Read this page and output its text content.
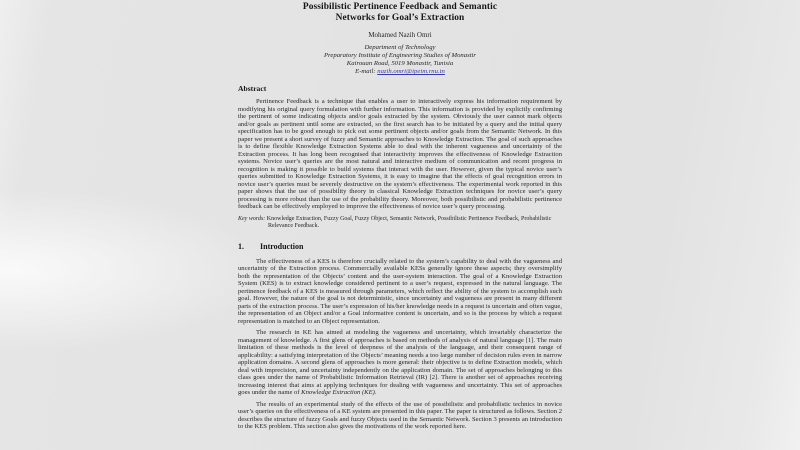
Possibilistic Pertinence Feedback and Semantic
Networks for Goal’s Extraction
Mohamed Nazih Omri
Department of Technology
Preparatory Institute of Engineering Studies of Monastir
Kairouan Road, 5019 Monastir, Tunisia
E-mail: nazih.omri@ipeim.rnu.tn
Abstract

Pertinence Feedback is a technique that enables a user to interactively express his information requirement by modifying his original query formulation with further information. This information is provided by explicitly confirming the pertinent of some indicating objects and/or goals extracted by the system. Obviously the user cannot mark objects and/or goals as pertinent until some are extracted, so the first search has to be initiated by a query and the initial query specification has to be good enough to pick out some pertinent objects and/or goals from the Semantic Network. In this paper we present a short survey of fuzzy and Semantic approaches to Knowledge Extraction. The goal of such approaches is to define flexible Knowledge Extraction Systems able to deal with the inherent vagueness and uncertainty of the Extraction process. It has long been recognised that interactivity improves the effectiveness of Knowledge Extraction systems. Novice user’s queries are the most natural and interactive medium of communication and recent progress in recognition is making it possible to build systems that interact with the user. However, given the typical novice user’s queries submitted to Knowledge Extraction Systems, it is easy to imagine that the effects of goal recognition errors in novice user’s queries must be severely destructive on the system’s effectiveness. The experimental work reported in this paper shows that the use of possibility theory in classical Knowledge Extraction techniques for novice user’s query processing is more robust than the use of the probability theory. Moreover, both possibilistic and probabilistic pertinence feedback can be effectively employed to improve the effectiveness of novice user’s query processing.

Key words: Knowledge Extraction, Fuzzy Goal, Fuzzy Object, Semantic Network, Possibilistic Pertinence Feedback, Probabilistic Relevance Feedback.

1. Introduction

The effectiveness of a KES is therefore crucially related to the system’s capability to deal with the vagueness and uncertainty of the Extraction process. Commercially available KESs generally ignore these aspects; they oversimplify both the representation of the Objects’ content and the user-system interaction. The goal of a Knowledge Extraction System (KES) is to extract knowledge considered pertinent to a user’s request, expressed in the natural language. The pertinence feedback of a KES is measured through parameters, which reflect the ability of the system to accomplish such goal. However, the nature of the goal is not deterministic, since uncertainty and vagueness are present in many different parts of the extraction process. The user’s expression of his/her knowledge needs in a request is uncertain and often vague, the representation of an Object and/or a Goal informative content is uncertain, and so is the process by which a request representation is matched to an Object representation.

The research in KE has aimed at modeling the vagueness and uncertainty, which invariably characterize the management of knowledge. A first glens of approaches is based on methods of analysis of natural language [1]. The main limitation of these methods is the level of deepness of the analysis of the language, and their consequent range of applicability: a satisfying interpretation of the Objects’ meaning needs a too large number of decision rules even in narrow application domains. A second glens of approaches is more general: their objective is to define Extraction models, which deal with imprecision, and uncertainty independently on the application domain. The set of approaches belonging to this class goes under the name of Probabilistic Information Retrieval (IR) [2]. There is another set of approaches receiving increasing interest that aims at applying techniques for dealing with vagueness and uncertainty. This set of approaches goes under the name of Knowledge Extraction (KE).

The results of an experimental study of the effects of the use of possibilistic and probabilistic technics in novice user’s queries on the effectiveness of a KE system are presented in this paper. The paper is structured as follows. Section 2 describes the structure of fuzzy Goals and fuzzy Objects used in the Semantic Network. Section 3 presents an introduction to the KES problem. This section also gives the motivations of the work reported here.
